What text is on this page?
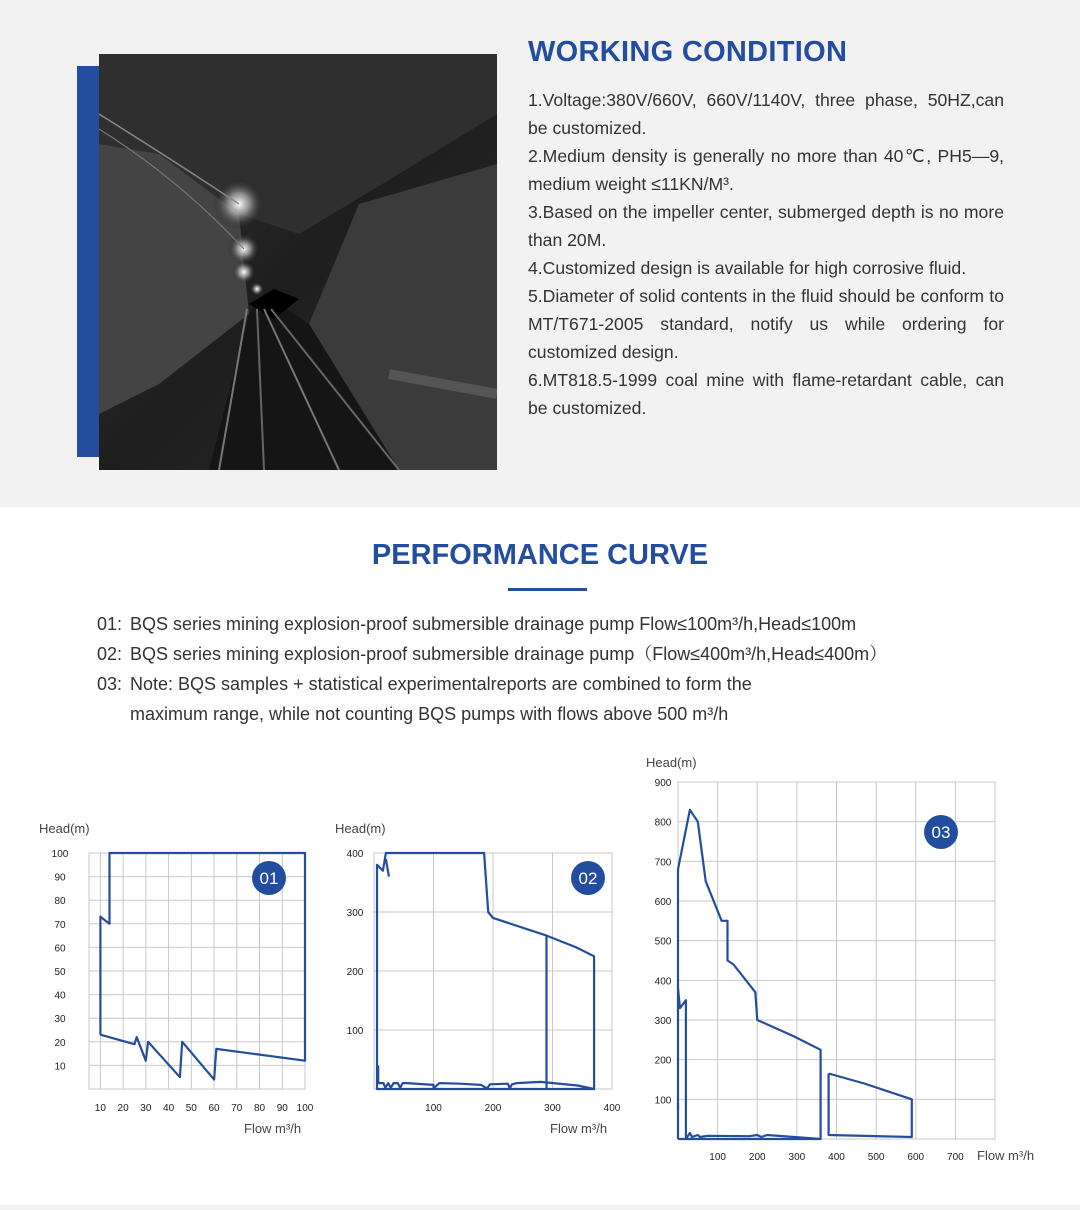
WORKING CONDITION
1.Voltage:380V/660V, 660V/1140V, three phase, 50HZ,can be customized.
2.Medium density is generally no more than 40℃, PH5—9, medium weight ≤11KN/M³.
3.Based on the impeller center, submerged depth is no more than 20M.
4.Customized design is available for high corrosive fluid.
5.Diameter of solid contents in the fluid should be conform to MT/T671-2005 standard, notify us while ordering for customized design.
6.MT818.5-1999 coal mine with flame-retardant cable, can be customized.
PERFORMANCE CURVE
01: BQS series mining explosion-proof submersible drainage pump Flow≤100m³/h,Head≤100m
02: BQS series mining explosion-proof submersible drainage pump（Flow≤400m³/h,Head≤400m）
03: Note: BQS samples + statistical experimentalreports are combined to form the
maximum range, while not counting BQS pumps with flows above 500 m³/h
10 20 30 40 50 60 70 80 90 100
10
20
30
40
50
60
70
80
90
100
Head(m)
Flow m³/h
01
100	200	300	400
100
200
300
400
Head(m)
Flow m³/h
02
100 200 300 400 500 600 700
100
200
300
400
500
600
700
800
900
Head(m)
Flow m³/h
03
